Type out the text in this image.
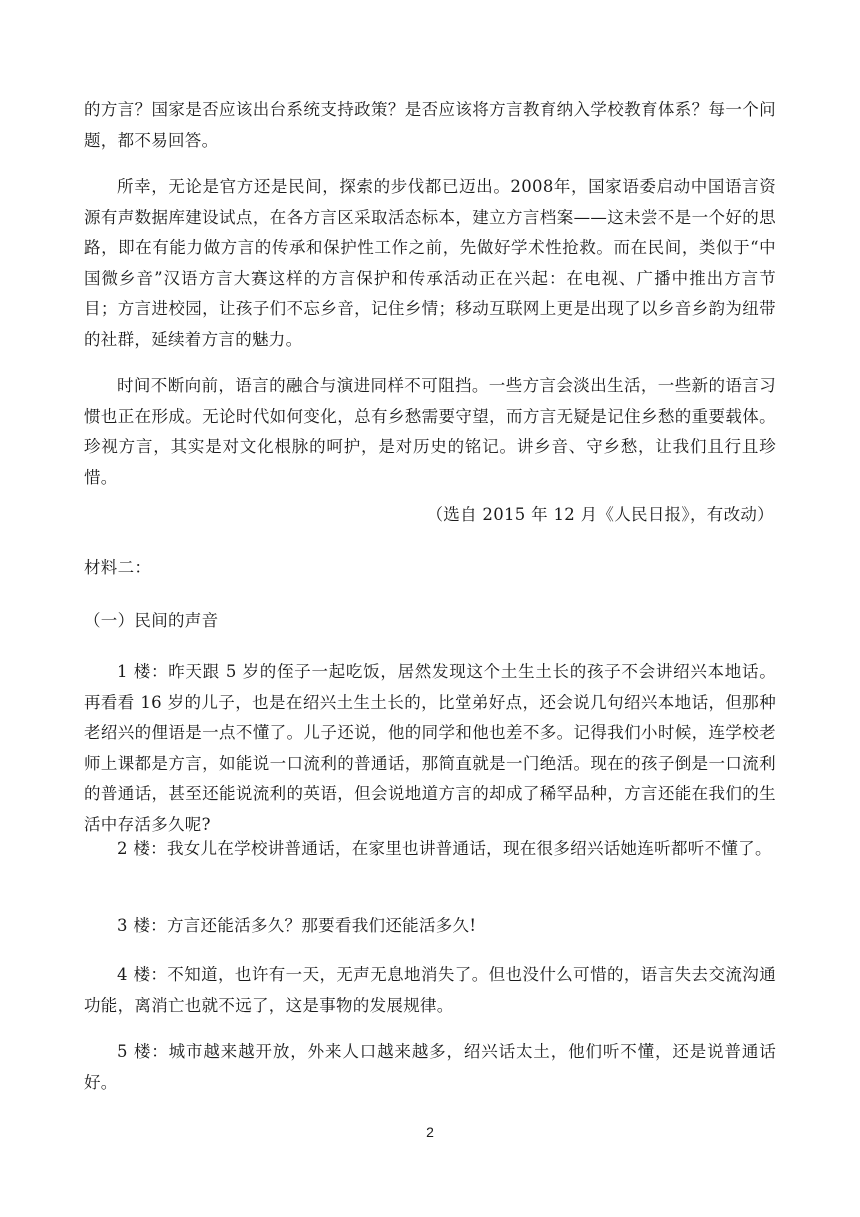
的方言？国家是否应该出台系统支持政策？是否应该将方言教育纳入学校教育体系？每一个问题，都不易回答。

所幸，无论是官方还是民间，探索的步伐都已迈出。2008年，国家语委启动中国语言资源有声数据库建设试点，在各方言区采取活态标本，建立方言档案——这未尝不是一个好的思路，即在有能力做方言的传承和保护性工作之前，先做好学术性抢救。而在民间，类似于“中国微乡音”汉语方言大赛这样的方言保护和传承活动正在兴起：在电视、广播中推出方言节目；方言进校园，让孩子们不忘乡音，记住乡情；移动互联网上更是出现了以乡音乡韵为纽带的社群，延续着方言的魅力。

时间不断向前，语言的融合与演进同样不可阻挡。一些方言会淡出生活，一些新的语言习惯也正在形成。无论时代如何变化，总有乡愁需要守望，而方言无疑是记住乡愁的重要载体。珍视方言，其实是对文化根脉的呵护，是对历史的铭记。讲乡音、守乡愁，让我们且行且珍惜。

（选自 2015 年 12 月《人民日报》，有改动）

材料二：

（一）民间的声音

1 楼：昨天跟 5 岁的侄子一起吃饭，居然发现这个土生土长的孩子不会讲绍兴本地话。再看看 16 岁的儿子，也是在绍兴土生土长的，比堂弟好点，还会说几句绍兴本地话，但那种老绍兴的俚语是一点不懂了。儿子还说，他的同学和他也差不多。记得我们小时候，连学校老师上课都是方言，如能说一口流利的普通话，那简直就是一门绝活。现在的孩子倒是一口流利的普通话，甚至还能说流利的英语，但会说地道方言的却成了稀罕品种，方言还能在我们的生活中存活多久呢?

2 楼：我女儿在学校讲普通话，在家里也讲普通话，现在很多绍兴话她连听都听不懂了。

3 楼：方言还能活多久？那要看我们还能活多久!

4 楼：不知道，也许有一天，无声无息地消失了。但也没什么可惜的，语言失去交流沟通功能，离消亡也就不远了，这是事物的发展规律。

5 楼：城市越来越开放，外来人口越来越多，绍兴话太土，他们听不懂，还是说普通话好。

2
